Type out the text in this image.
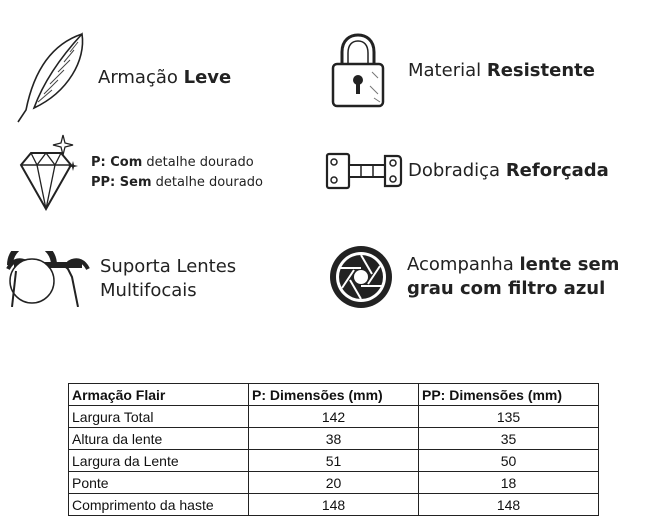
Armação Leve	Material Resistente
P: Com detalhe dourado
PP: Sem detalhe dourado
Dobradiça Reforçada
Suporta Lentes
Multifocais
Acompanha lente sem
grau com filtro azul
Armação Flair	P: Dimensões (mm)	PP: Dimensões (mm)
Largura Total	142	135
Altura da lente	38	35
Largura da Lente	51	50
Ponte	20	18
Comprimento da haste	148	148
